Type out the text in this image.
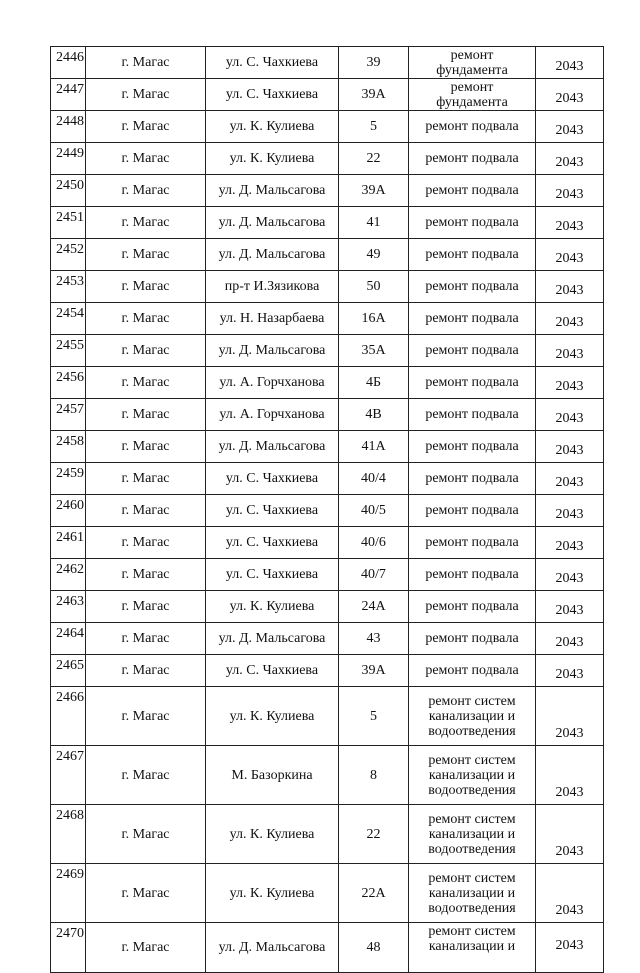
2446	г. Магас	ул. С. Чахкиева	39	ремонт
фундамента	2043
2447	г. Магас	ул. С. Чахкиева	39А	ремонт
фундамента	2043
2448	г. Магас	ул. К. Кулиева	5	ремонт подвала	2043
2449	г. Магас	ул. К. Кулиева	22	ремонт подвала	2043
2450	г. Магас	ул. Д. Мальсагова	39А	ремонт подвала	2043
2451	г. Магас	ул. Д. Мальсагова	41	ремонт подвала	2043
2452	г. Магас	ул. Д. Мальсагова	49	ремонт подвала	2043
2453	г. Магас	пр-т И.Зязикова	50	ремонт подвала	2043
2454	г. Магас	ул. Н. Назарбаева	16А	ремонт подвала	2043
2455	г. Магас	ул. Д. Мальсагова	35А	ремонт подвала	2043
2456	г. Магас	ул. А. Горчханова	4Б	ремонт подвала	2043
2457	г. Магас	ул. А. Горчханова	4В	ремонт подвала	2043
2458	г. Магас	ул. Д. Мальсагова	41А	ремонт подвала	2043
2459	г. Магас	ул. С. Чахкиева	40/4	ремонт подвала	2043
2460	г. Магас	ул. С. Чахкиева	40/5	ремонт подвала	2043
2461	г. Магас	ул. С. Чахкиева	40/6	ремонт подвала	2043
2462	г. Магас	ул. С. Чахкиева	40/7	ремонт подвала	2043
2463	г. Магас	ул. К. Кулиева	24А	ремонт подвала	2043
2464	г. Магас	ул. Д. Мальсагова	43	ремонт подвала	2043
2465	г. Магас	ул. С. Чахкиева	39А	ремонт подвала	2043
2466	г. Магас	ул. К. Кулиева	5	ремонт систем
канализации и
водоотведения	2043
2467	г. Магас	М. Базоркина	8	ремонт систем
канализации и
водоотведения	2043
2468	г. Магас	ул. К. Кулиева	22	ремонт систем
канализации и
водоотведения	2043
2469	г. Магас	ул. К. Кулиева	22А	ремонт систем
канализации и
водоотведения	2043
2470	г. Магас	ул. Д. Мальсагова	48	ремонт систем
канализации и	2043
